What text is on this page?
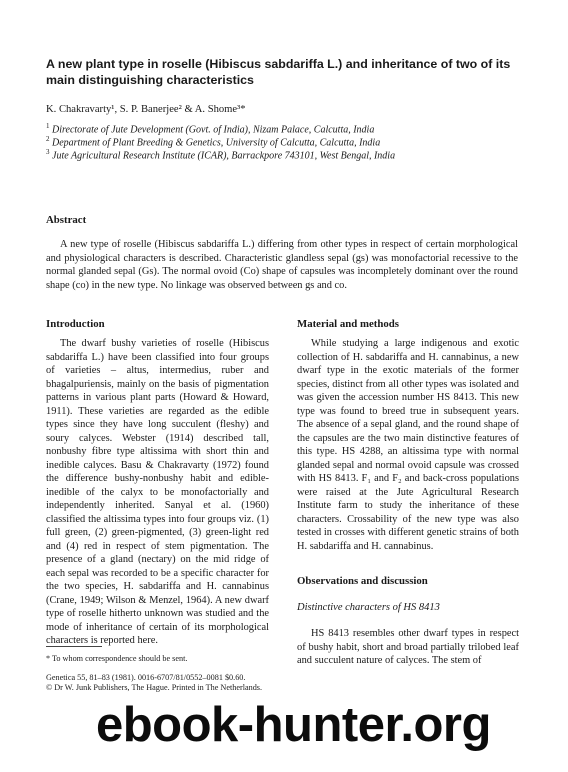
A new plant type in roselle (Hibiscus sabdariffa L.) and inheritance of two of its main distinguishing characteristics
K. Chakravarty¹, S. P. Banerjee² & A. Shome³*
$^1$ Directorate of Jute Development (Govt. of India), Nizam Palace, Calcutta, India
$^2$ Department of Plant Breeding & Genetics, University of Calcutta, Calcutta, India
$^3$ Jute Agricultural Research Institute (ICAR), Barrackpore 743101, West Bengal, India
Abstract
A new type of roselle (Hibiscus sabdariffa L.) differing from other types in respect of certain morphological and physiological characters is described. Characteristic glandless sepal (gs) was monofactorial recessive to the normal glanded sepal (Gs). The normal ovoid (Co) shape of capsules was incompletely dominant over the round shape (co) in the new type. No linkage was observed between gs and co.
Introduction

The dwarf bushy varieties of roselle (Hibiscus sabdariffa L.) have been classified into four groups of varieties – altus, intermedius, ruber and bhagalpuriensis, mainly on the basis of pigmentation patterns in various plant parts (Howard & Howard, 1911). These varieties are regarded as the edible types since they have long succulent (fleshy) and soury calyces. Webster (1914) described tall, nonbushy fibre type altissima with short thin and inedible calyces. Basu & Chakravarty (1972) found the difference bushy-nonbushy habit and edible-inedible of the calyx to be monofactorially and independently inherited. Sanyal et al. (1960) classified the altissima types into four groups viz. (1) full green, (2) green-pigmented, (3) green-light red and (4) red in respect of stem pigmentation. The presence of a gland (nectary) on the mid ridge of each sepal was recorded to be a specific character for the two species, H. sabdariffa and H. cannabinus (Crane, 1949; Wilson & Menzel, 1964). A new dwarf type of roselle hitherto unknown was studied and the mode of inheritance of certain of its morphological characters is reported here.

Material and methods

While studying a large indigenous and exotic collection of H. sabdariffa and H. cannabinus, a new dwarf type in the exotic materials of the former species, distinct from all other types was isolated and was given the accession number HS 8413. This new type was found to breed true in subsequent years. The absence of a sepal gland, and the round shape of the capsules are the two main distinctive features of this type. HS 4288, an altissima type with normal glanded sepal and normal ovoid capsule was crossed with HS 8413. F₁ and F₂ and back-cross populations were raised at the Jute Agricultural Research Institute farm to study the inheritance of these characters. Crossability of the new type was also tested in crosses with different genetic strains of both H. sabdariffa and H. cannabinus.

Observations and discussion
Distinctive characters of HS 8413

HS 8413 resembles other dwarf types in respect of bushy habit, short and broad partially trilobed leaf and succulent nature of calyces. The stem of

* To whom correspondence should be sent.
Genetica 55, 81–83 (1981). 0016-6707/81/0552–0081 $0.60.
© Dr W. Junk Publishers, The Hague. Printed in The Netherlands.
ebook-hunter.org
